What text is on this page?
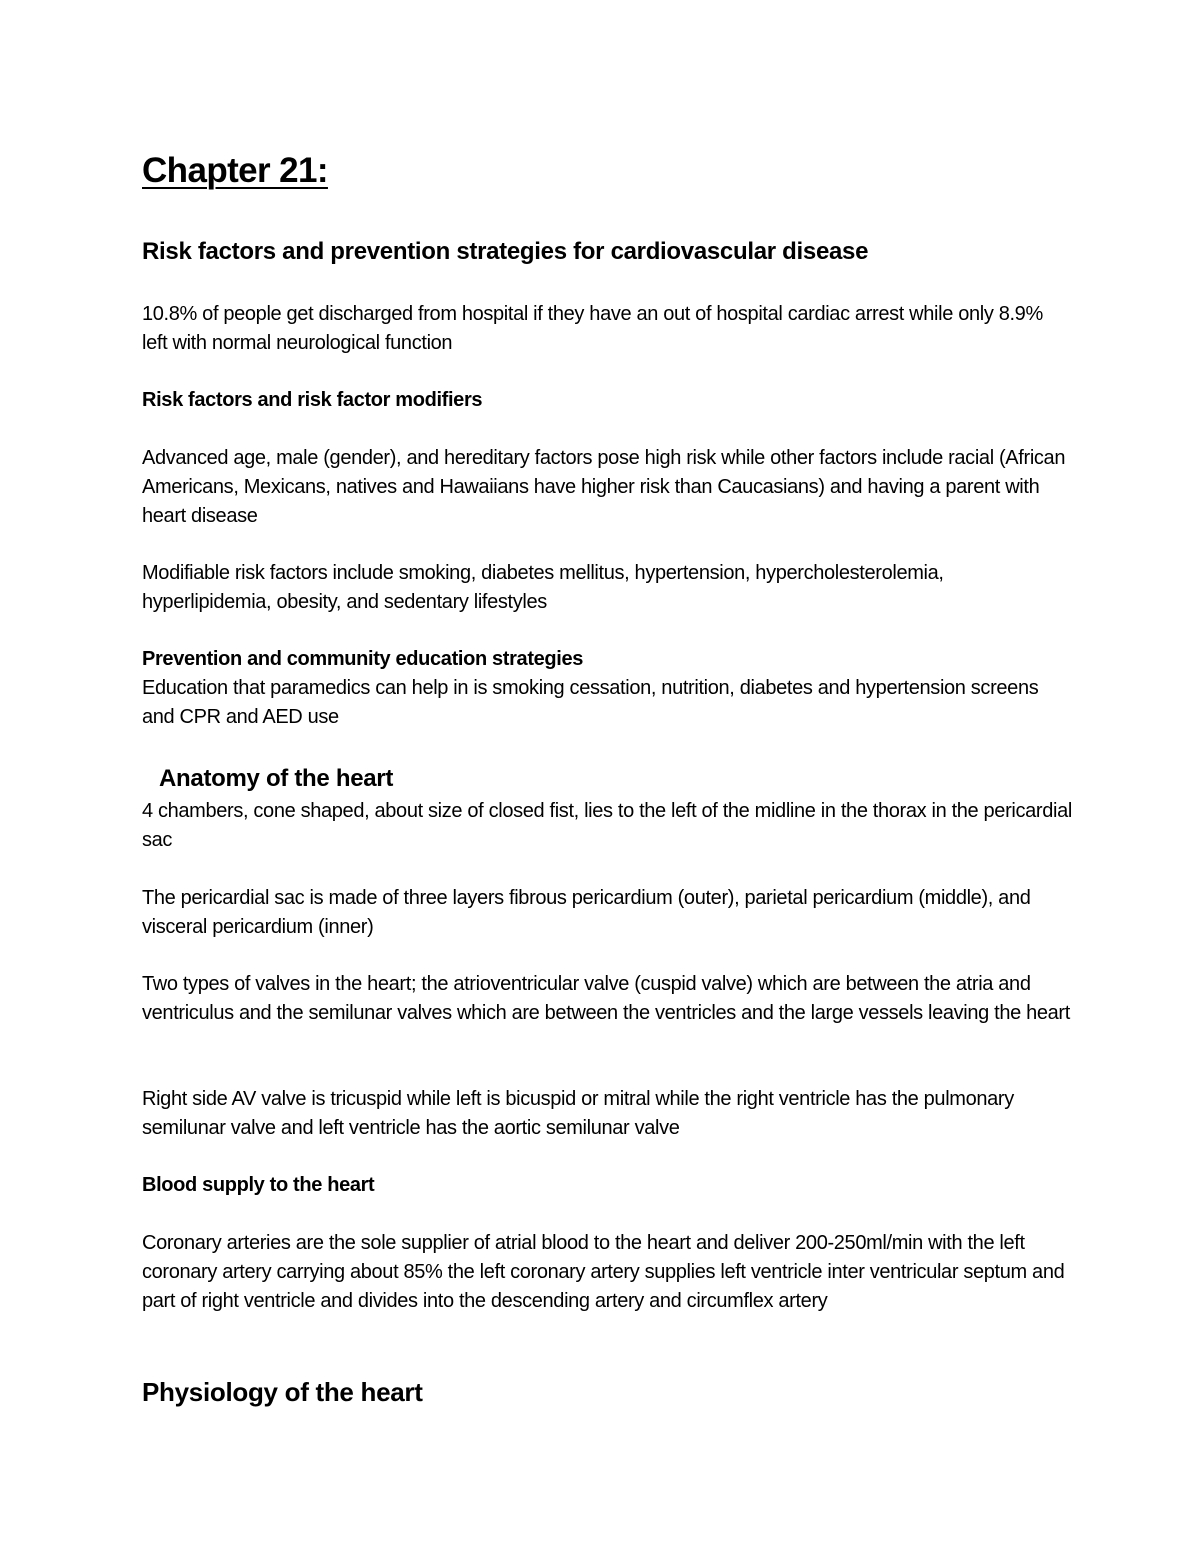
Chapter 21:
Risk factors and prevention strategies for cardiovascular disease

10.8% of people get discharged from hospital if they have an out of hospital cardiac arrest while only 8.9% left with normal neurological function

Risk factors and risk factor modifiers

Advanced age, male (gender), and hereditary factors pose high risk while other factors include racial (African Americans, Mexicans, natives and Hawaiians have higher risk than Caucasians) and having a parent with heart disease

Modifiable risk factors include smoking, diabetes mellitus, hypertension, hypercholesterolemia, hyperlipidemia, obesity, and sedentary lifestyles

Prevention and community education strategies

Education that paramedics can help in is smoking cessation, nutrition, diabetes and hypertension screens and CPR and AED use

Anatomy of the heart

4 chambers, cone shaped, about size of closed fist, lies to the left of the midline in the thorax in the pericardial sac

The pericardial sac is made of three layers fibrous pericardium (outer), parietal pericardium (middle), and visceral pericardium (inner)

Two types of valves in the heart; the atrioventricular valve (cuspid valve) which are between the atria and ventriculus and the semilunar valves which are between the ventricles and the large vessels leaving the heart

Right side AV valve is tricuspid while left is bicuspid or mitral while the right ventricle has the pulmonary semilunar valve and left ventricle has the aortic semilunar valve

Blood supply to the heart

Coronary arteries are the sole supplier of atrial blood to the heart and deliver 200-250ml/min with the left coronary artery carrying about 85% the left coronary artery supplies left ventricle inter ventricular septum and part of right ventricle and divides into the descending artery and circumflex artery

Physiology of the heart
